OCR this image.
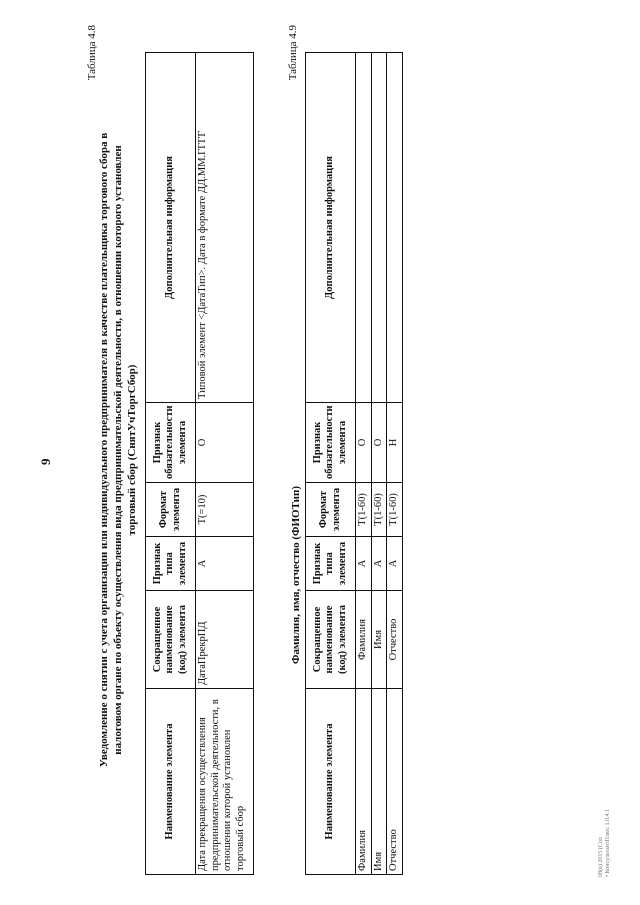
9
Таблица 4.8
Уведомление о снятии с учета организации или индивидуального предпринимателя в качестве плательщика торгового сбора в налоговом органе по объекту осуществления вида предпринимательской деятельности, в отношении которого установлен торговый сбор (СнятУчТоргСбор)
Наименование элемента	Сокращенное наименование (код) элемента	Признак типа элемента	Формат элемента	Признак обязательности элемента	Дополнительная информация
Дата прекращения осуществления предпринимательской деятельности, в отношении которой установлен торговый сбор	ДатаПрекрПД	А	Т(=10)	О	Типовой элемент <ДатаТип>. Дата в формате ДД.ММ.ГГГГ
Таблица 4.9
Фамилия, имя, отчество (ФИОТип)
Наименование элемента	Сокращенное наименование (код) элемента	Признак типа элемента	Формат элемента	Признак обязательности элемента	Дополнительная информация
Фамилия	Фамилия	А	Т(1-60)	О	
Имя	Имя	А	Т(1-60)	О	
Отчество	Отчество	А	Т(1-60)	Н	
08(в) 2015 (Сол • КонсультантПлюс 1.0.4.1
